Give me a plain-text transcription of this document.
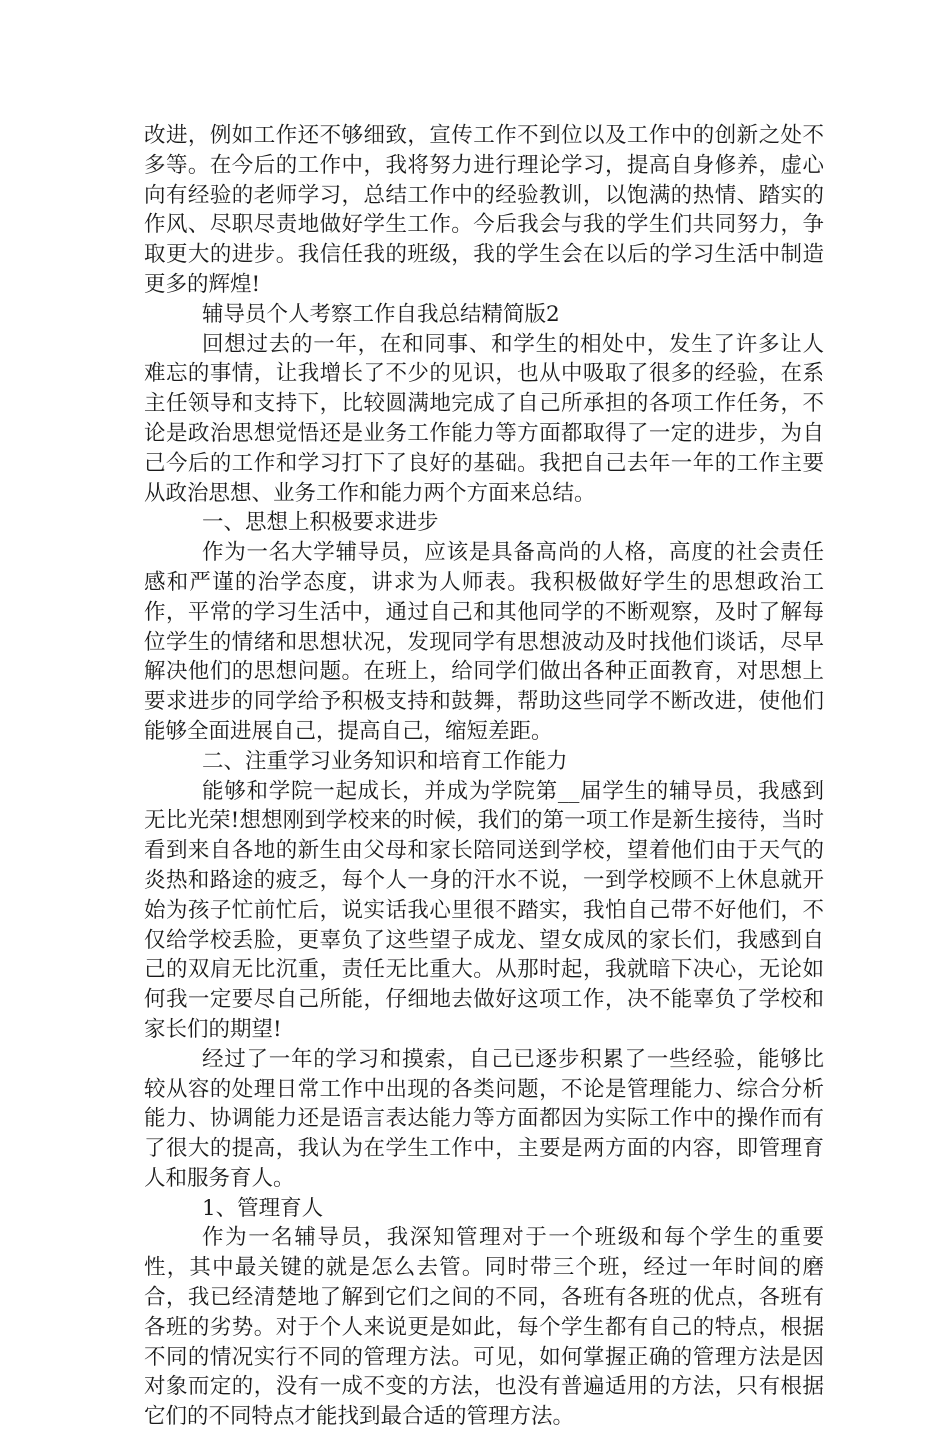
改进，例如工作还不够细致，宣传工作不到位以及工作中的创新之处不多等。在今后的工作中，我将努力进行理论学习，提高自身修养，虚心向有经验的老师学习，总结工作中的经验教训，以饱满的热情、踏实的作风、尽职尽责地做好学生工作。今后我会与我的学生们共同努力，争取更大的进步。我信任我的班级，我的学生会在以后的学习生活中制造更多的辉煌!

辅导员个人考察工作自我总结精简版2

回想过去的一年，在和同事、和学生的相处中，发生了许多让人难忘的事情，让我增长了不少的见识，也从中吸取了很多的经验，在系主任领导和支持下，比较圆满地完成了自己所承担的各项工作任务，不论是政治思想觉悟还是业务工作能力等方面都取得了一定的进步，为自己今后的工作和学习打下了良好的基础。我把自己去年一年的工作主要从政治思想、业务工作和能力两个方面来总结。

一、思想上积极要求进步

作为一名大学辅导员，应该是具备高尚的人格，高度的社会责任感和严谨的治学态度，讲求为人师表。我积极做好学生的思想政治工作，平常的学习生活中，通过自己和其他同学的不断观察，及时了解每位学生的情绪和思想状况，发现同学有思想波动及时找他们谈话，尽早解决他们的思想问题。在班上，给同学们做出各种正面教育，对思想上要求进步的同学给予积极支持和鼓舞，帮助这些同学不断改进，使他们能够全面进展自己，提高自己，缩短差距。

二、注重学习业务知识和培育工作能力

能够和学院一起成长，并成为学院第__届学生的辅导员，我感到无比光荣!想想刚到学校来的时候，我们的第一项工作是新生接待，当时看到来自各地的新生由父母和家长陪同送到学校，望着他们由于天气的炎热和路途的疲乏，每个人一身的汗水不说，一到学校顾不上休息就开始为孩子忙前忙后，说实话我心里很不踏实，我怕自己带不好他们，不仅给学校丢脸，更辜负了这些望子成龙、望女成凤的家长们，我感到自己的双肩无比沉重，责任无比重大。从那时起，我就暗下决心，无论如何我一定要尽自己所能，仔细地去做好这项工作，决不能辜负了学校和家长们的期望!

经过了一年的学习和摸索，自己已逐步积累了一些经验，能够比较从容的处理日常工作中出现的各类问题，不论是管理能力、综合分析能力、协调能力还是语言表达能力等方面都因为实际工作中的操作而有了很大的提高，我认为在学生工作中，主要是两方面的内容，即管理育人和服务育人。

1、管理育人

作为一名辅导员，我深知管理对于一个班级和每个学生的重要性，其中最关键的就是怎么去管。同时带三个班，经过一年时间的磨合，我已经清楚地了解到它们之间的不同，各班有各班的优点，各班有各班的劣势。对于个人来说更是如此，每个学生都有自己的特点，根据不同的情况实行不同的管理方法。可见，如何掌握正确的管理方法是因对象而定的，没有一成不变的方法，也没有普遍适用的方法，只有根据它们的不同特点才能找到最合适的管理方法。
